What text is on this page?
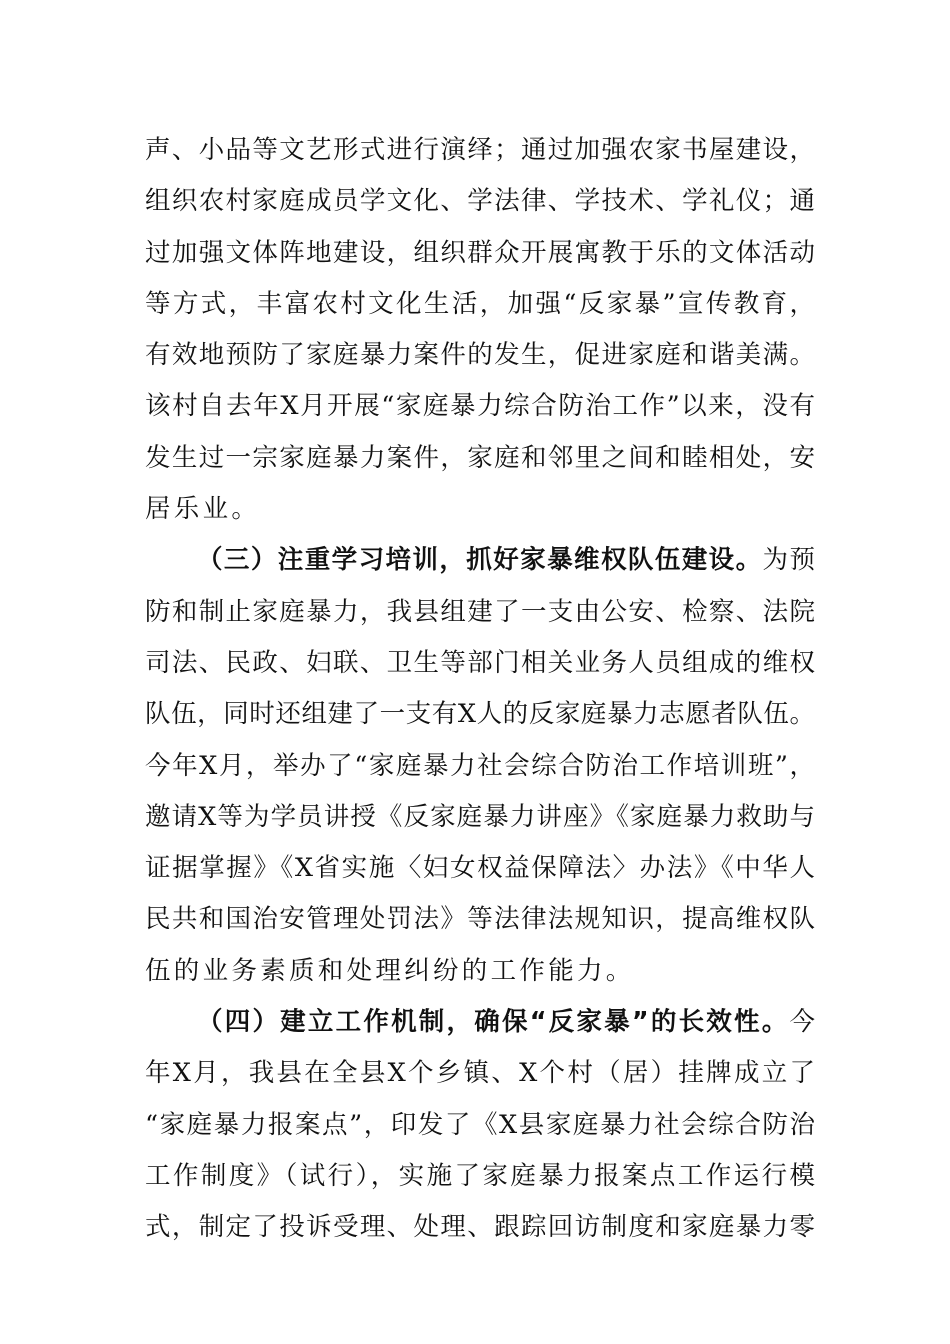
声、小品等文艺形式进行演绎；通过加强农家书屋建设，
组织农村家庭成员学文化、学法律、学技术、学礼仪；通
过加强文体阵地建设，组织群众开展寓教于乐的文体活动
等方式，丰富农村文化生活，加强“反家暴”宣传教育，
有效地预防了家庭暴力案件的发生，促进家庭和谐美满。
该村自去年X月开展“家庭暴力综合防治工作”以来，没有
发生过一宗家庭暴力案件，家庭和邻里之间和睦相处，安
居乐业。
（三）注重学习培训，抓好家暴维权队伍建设。为预
防和制止家庭暴力，我县组建了一支由公安、检察、法院
司法、民政、妇联、卫生等部门相关业务人员组成的维权
队伍，同时还组建了一支有X人的反家庭暴力志愿者队伍。
今年X月，举办了“家庭暴力社会综合防治工作培训班”，
邀请X等为学员讲授《反家庭暴力讲座》《家庭暴力救助与
证据掌握》《X省实施〈妇女权益保障法〉办法》《中华人
民共和国治安管理处罚法》等法律法规知识，提高维权队
伍的业务素质和处理纠纷的工作能力。
（四）建立工作机制，确保“反家暴”的长效性。今
年X月，我县在全县X个乡镇、X个村（居）挂牌成立了
“家庭暴力报案点”，印发了《X县家庭暴力社会综合防治
工作制度》（试行），实施了家庭暴力报案点工作运行模
式，制定了投诉受理、处理、跟踪回访制度和家庭暴力零
